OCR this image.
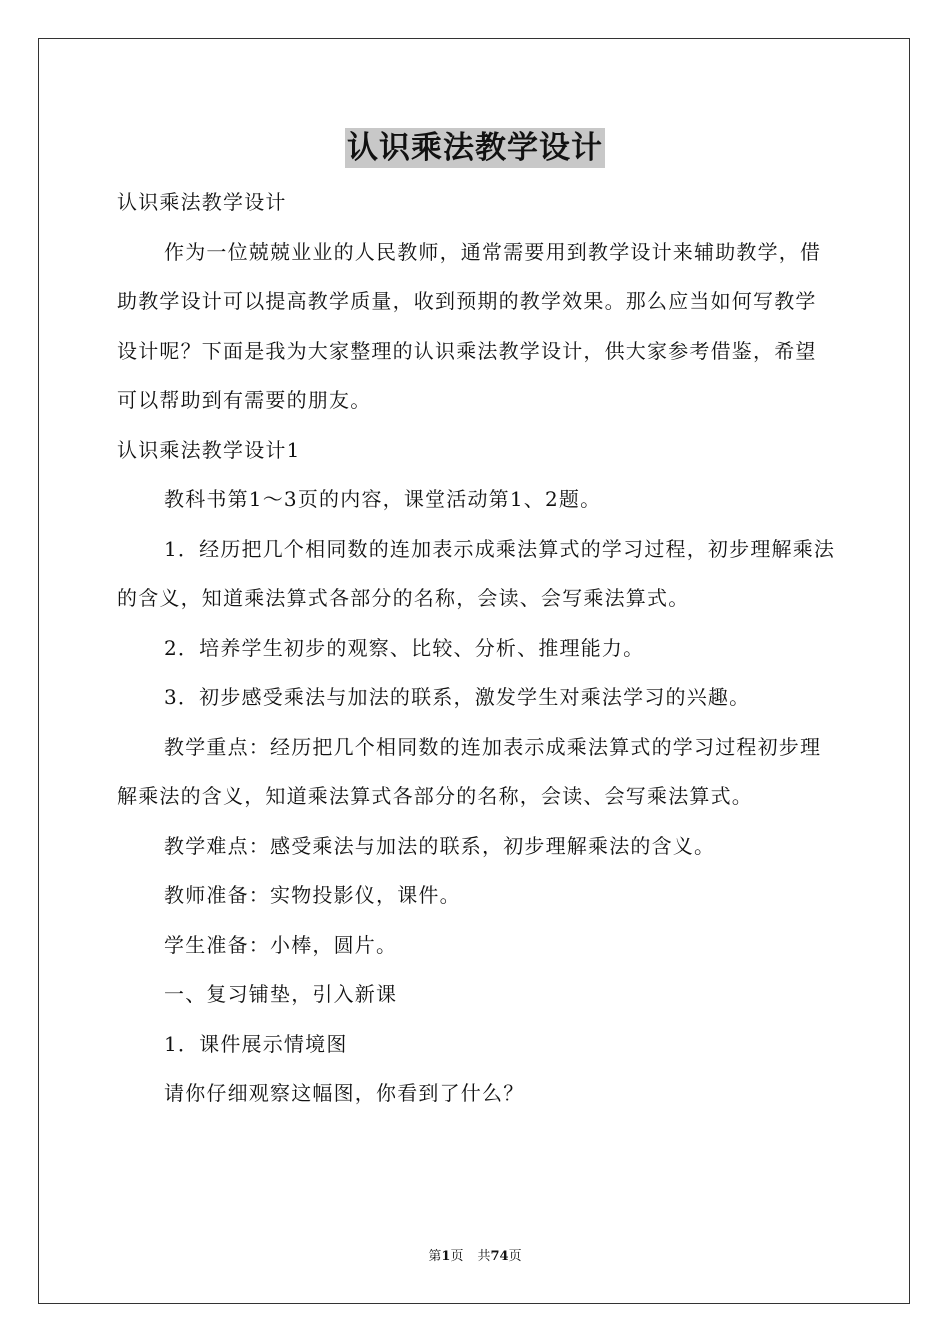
认识乘法教学设计

认识乘法教学设计

作为一位兢兢业业的人民教师，通常需要用到教学设计来辅助教学，借助教学设计可以提高教学质量，收到预期的教学效果。那么应当如何写教学设计呢？下面是我为大家整理的认识乘法教学设计，供大家参考借鉴，希望可以帮助到有需要的朋友。

认识乘法教学设计1

教科书第1～3页的内容，课堂活动第1、2题。

1．经历把几个相同数的连加表示成乘法算式的学习过程，初步理解乘法的含义，知道乘法算式各部分的名称，会读、会写乘法算式。

2．培养学生初步的观察、比较、分析、推理能力。

3．初步感受乘法与加法的联系，激发学生对乘法学习的兴趣。

教学重点：经历把几个相同数的连加表示成乘法算式的学习过程初步理解乘法的含义，知道乘法算式各部分的名称，会读、会写乘法算式。

教学难点：感受乘法与加法的联系，初步理解乘法的含义。

教师准备：实物投影仪，课件。

学生准备：小棒，圆片。

一、复习铺垫，引入新课

1．课件展示情境图

请你仔细观察这幅图，你看到了什么？

第1页 共74页
